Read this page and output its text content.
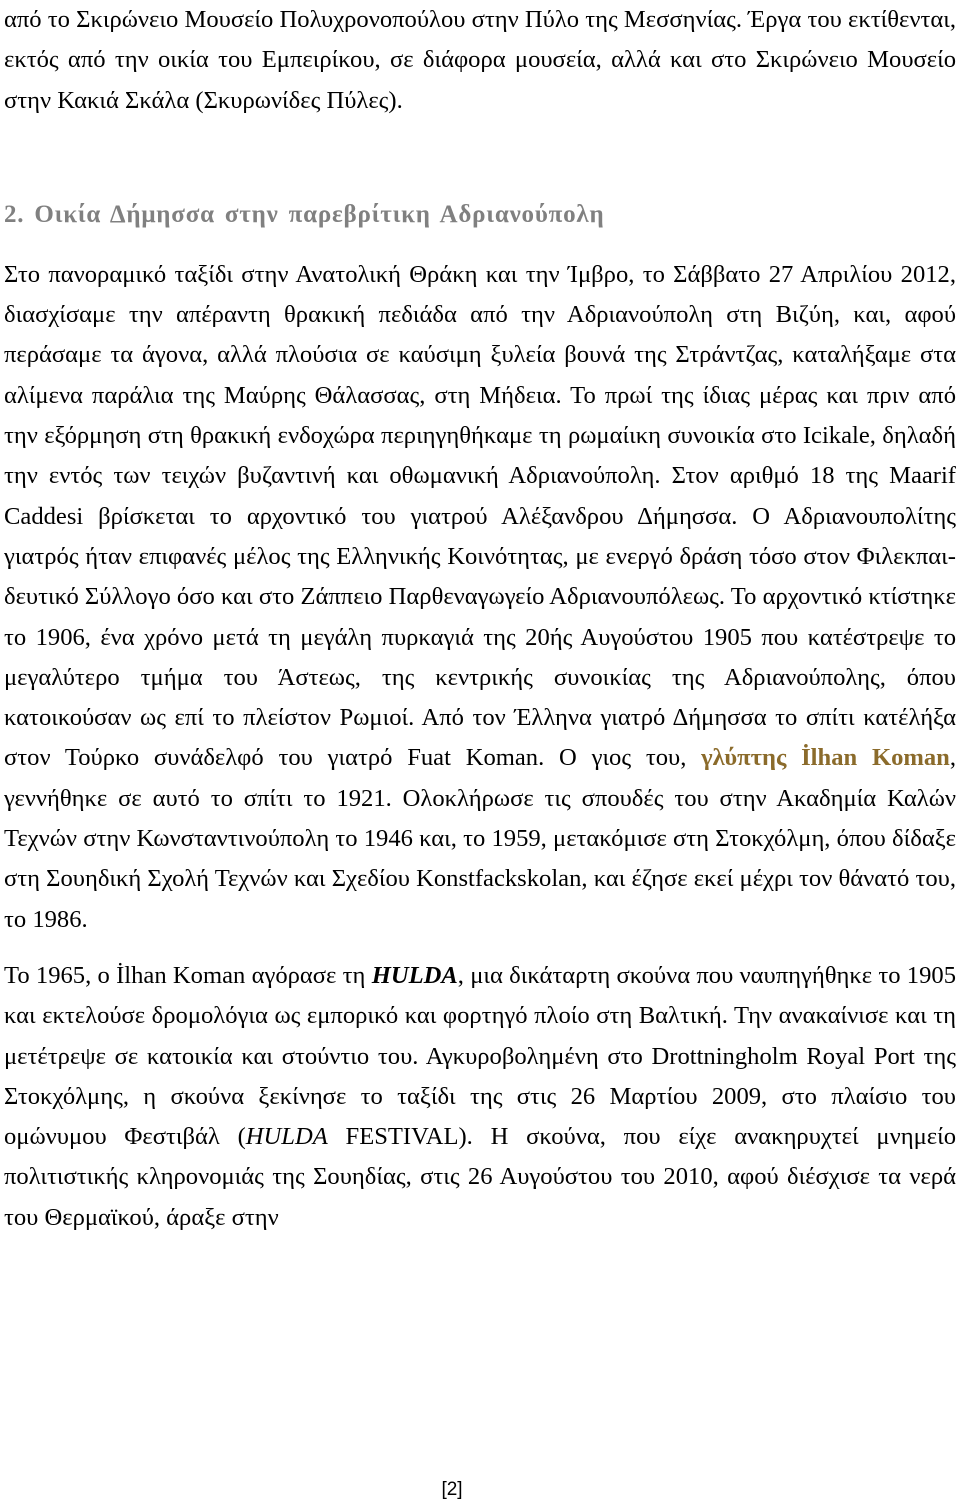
από το Σκιρώνειο Μουσείο Πολυχρονοπούλου στην Πύλο της Μεσσηνίας. Έργα του εκτίθενται, εκτός από την οικία του Εμπειρίκου, σε διάφορα μουσεία, αλλά και στο Σκιρώνειο Μουσείο στην Κακιά Σκάλα (Σκυρωνίδες Πύλες).

2. Οικία Δήμησσα στην παρεβρίτικη Αδριανούπολη

Στο πανοραμικό ταξίδι στην Ανατολική Θράκη και την Ίμβρο, το Σάββατο 27 Απριλίου 2012, διασχίσαμε την απέραντη θρακική πεδιάδα από την Αδριανούπολη στη Βιζύη, και, αφού περάσαμε τα άγονα, αλλά πλούσια σε καύσιμη ξυλεία βουνά της Στράντζας, καταλήξαμε στα αλίμενα παράλια της Μαύρης Θάλασσας, στη Μήδεια. Το πρωί της ίδιας μέρας και πριν από την εξόρμηση στη θρακική ενδοχώρα περιηγηθήκαμε τη ρωμαίικη συνοικία στο Icikale, δηλαδή την εντός των τειχών βυζαντινή και οθωμανική Αδριανούπολη. Στον αριθμό 18 της Maarif Caddesi βρίσκεται το αρχοντικό του γιατρού Αλέξανδρου Δήμησσα. Ο Αδριανουπολίτης γιατρός ήταν επιφανές μέλος της Ελληνικής Κοινότητας, με ενεργό δράση τόσο στον Φιλεκπαιδευτικό Σύλλογο όσο και στο Ζάππειο Παρθεναγωγείο Αδριανουπόλεως. Το αρχοντικό κτίστηκε το 1906, ένα χρόνο μετά τη μεγάλη πυρκαγιά της 20ής Αυγούστου 1905 που κατέστρεψε το μεγαλύτερο τμήμα του Άστεως, της κεντρικής συνοικίας της Αδριανούπολης, όπου κατοικούσαν ως επί το πλείστον Ρωμιοί. Από τον Έλληνα γιατρό Δήμησσα το σπίτι κατέλήξα στον Τούρκο συνάδελφό του γιατρό Fuat Koman. Ο γιος του, γλύπτης İlhan Koman, γεννήθηκε σε αυτό το σπίτι το 1921. Ολοκλήρωσε τις σπουδές του στην Ακαδημία Καλών Τεχνών στην Κωνσταντινούπολη το 1946 και, το 1959, μετακόμισε στη Στοκχόλμη, όπου δίδαξε στη Σουηδική Σχολή Τεχνών και Σχεδίου Konstfackskolan, και έζησε εκεί μέχρι τον θάνατό του, το 1986.

Το 1965, ο İlhan Koman αγόρασε τη HULDA, μια δικάταρτη σκούνα που ναυπηγήθηκε το 1905 και εκτελούσε δρομολόγια ως εμπορικό και φορτηγό πλοίο στη Βαλτική. Την ανακαίνισε και τη μετέτρεψε σε κατοικία και στούντιο του. Αγκυροβολημένη στο Drottningholm Royal Port της Στοκχόλμης, η σκούνα ξεκίνησε το ταξίδι της στις 26 Μαρτίου 2009, στο πλαίσιο του ομώνυμου Φεστιβάλ (HULDA FESTIVAL). Η σκούνα, που είχε ανακηρυχτεί μνημείο πολιτιστικής κληρονομιάς της Σουηδίας, στις 26 Αυγούστου του 2010, αφού διέσχισε τα νερά του Θερμαϊκού, άραξε στην

[2]
